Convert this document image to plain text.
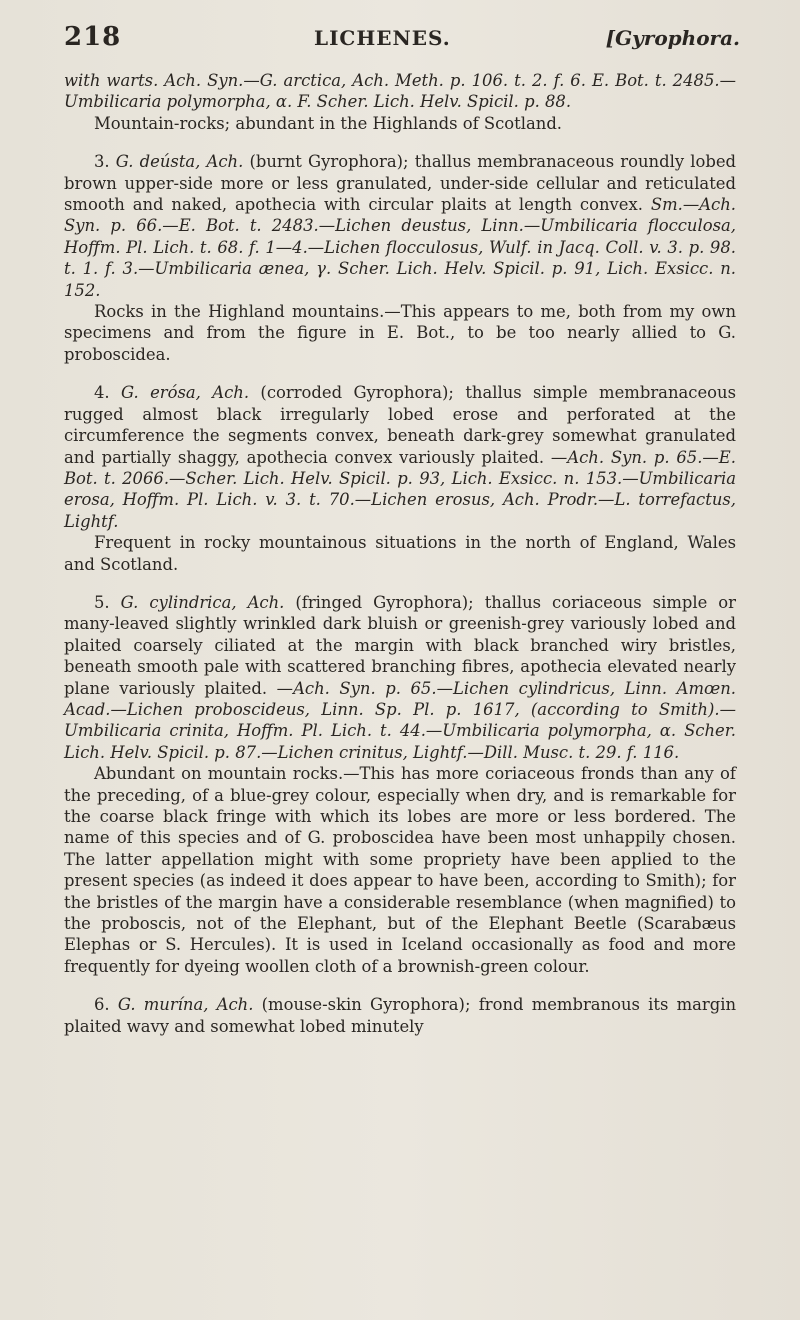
218	LICHENES.	[Gyrophora.

with warts. Ach. Syn.—G. arctica, Ach. Meth. p. 106. t. 2. f. 6. E. Bot. t. 2485.—Umbilicaria polymorpha, α. F. Scher. Lich. Helv. Spicil. p. 88.

Mountain-rocks; abundant in the Highlands of Scotland.

3. G. deústa, Ach. (burnt Gyrophora); thallus membranaceous roundly lobed brown upper-side more or less granulated, under-side cellular and reticulated smooth and naked, apothecia with circular plaits at length convex. Sm.—Ach. Syn. p. 66.—E. Bot. t. 2483.—Lichen deustus, Linn.—Umbilicaria flocculosa, Hoffm. Pl. Lich. t. 68. f. 1—4.—Lichen flocculosus, Wulf. in Jacq. Coll. v. 3. p. 98. t. 1. f. 3.—Umbilicaria ænea, γ. Scher. Lich. Helv. Spicil. p. 91, Lich. Exsicc. n. 152.

Rocks in the Highland mountains.—This appears to me, both from my own specimens and from the figure in E. Bot., to be too nearly allied to G. proboscidea.

4. G. erósa, Ach. (corroded Gyrophora); thallus simple membranaceous rugged almost black irregularly lobed erose and perforated at the circumference the segments convex, beneath dark-grey somewhat granulated and partially shaggy, apothecia convex variously plaited. —Ach. Syn. p. 65.—E. Bot. t. 2066.—Scher. Lich. Helv. Spicil. p. 93, Lich. Exsicc. n. 153.—Umbilicaria erosa, Hoffm. Pl. Lich. v. 3. t. 70.—Lichen erosus, Ach. Prodr.—L. torrefactus, Lightf.

Frequent in rocky mountainous situations in the north of England, Wales and Scotland.

5. G. cylindrica, Ach. (fringed Gyrophora); thallus coriaceous simple or many-leaved slightly wrinkled dark bluish or greenish-grey variously lobed and plaited coarsely ciliated at the margin with black branched wiry bristles, beneath smooth pale with scattered branching fibres, apothecia elevated nearly plane variously plaited. —Ach. Syn. p. 65.—Lichen cylindricus, Linn. Amœn. Acad.—Lichen proboscideus, Linn. Sp. Pl. p. 1617, (according to Smith).—Umbilicaria crinita, Hoffm. Pl. Lich. t. 44.—Umbilicaria polymorpha, α. Scher. Lich. Helv. Spicil. p. 87.—Lichen crinitus, Lightf.—Dill. Musc. t. 29. f. 116.

Abundant on mountain rocks.—This has more coriaceous fronds than any of the preceding, of a blue-grey colour, especially when dry, and is remarkable for the coarse black fringe with which its lobes are more or less bordered. The name of this species and of G. proboscidea have been most unhappily chosen. The latter appellation might with some propriety have been applied to the present species (as indeed it does appear to have been, according to Smith); for the bristles of the margin have a considerable resemblance (when magnified) to the proboscis, not of the Elephant, but of the Elephant Beetle (Scarabæus Elephas or S. Hercules). It is used in Iceland occasionally as food and more frequently for dyeing woollen cloth of a brownish-green colour.

6. G. murína, Ach. (mouse-skin Gyrophora); frond membranous its margin plaited wavy and somewhat lobed minutely
